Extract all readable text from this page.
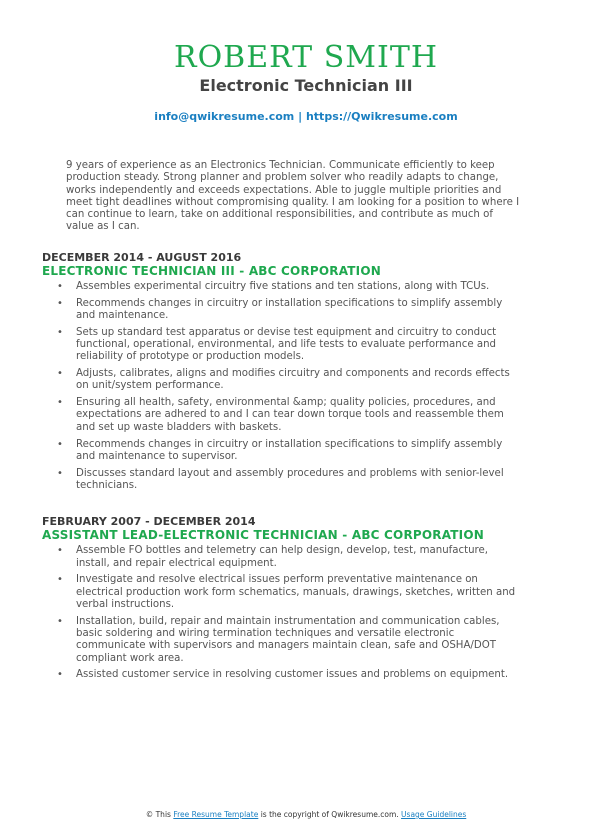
ROBERT SMITH
Electronic Technician III
info@qwikresume.com | https://Qwikresume.com
9 years of experience as an Electronics Technician. Communicate efficiently to keep production steady. Strong planner and problem solver who readily adapts to change, works independently and exceeds expectations. Able to juggle multiple priorities and meet tight deadlines without compromising quality. I am looking for a position to where I can continue to learn, take on additional responsibilities, and contribute as much of value as I can.
DECEMBER 2014 - AUGUST 2016
ELECTRONIC TECHNICIAN III - ABC CORPORATION
• Assembles experimental circuitry five stations and ten stations, along with TCUs.
• Recommends changes in circuitry or installation specifications to simplify assembly and maintenance.
• Sets up standard test apparatus or devise test equipment and circuitry to conduct functional, operational, environmental, and life tests to evaluate performance and reliability of prototype or production models.
• Adjusts, calibrates, aligns and modifies circuitry and components and records effects on unit/system performance.
• Ensuring all health, safety, environmental &amp; quality policies, procedures, and expectations are adhered to and I can tear down torque tools and reassemble them and set up waste bladders with baskets.
• Recommends changes in circuitry or installation specifications to simplify assembly and maintenance to supervisor.
• Discusses standard layout and assembly procedures and problems with senior-level technicians.
FEBRUARY 2007 - DECEMBER 2014
ASSISTANT LEAD-ELECTRONIC TECHNICIAN - ABC CORPORATION
• Assemble FO bottles and telemetry can help design, develop, test, manufacture, install, and repair electrical equipment.
• Investigate and resolve electrical issues perform preventative maintenance on electrical production work form schematics, manuals, drawings, sketches, written and verbal instructions.
• Installation, build, repair and maintain instrumentation and communication cables, basic soldering and wiring termination techniques and versatile electronic communicate with supervisors and managers maintain clean, safe and OSHA/DOT compliant work area.
• Assisted customer service in resolving customer issues and problems on equipment.
© This Free Resume Template is the copyright of Qwikresume.com. Usage Guidelines
